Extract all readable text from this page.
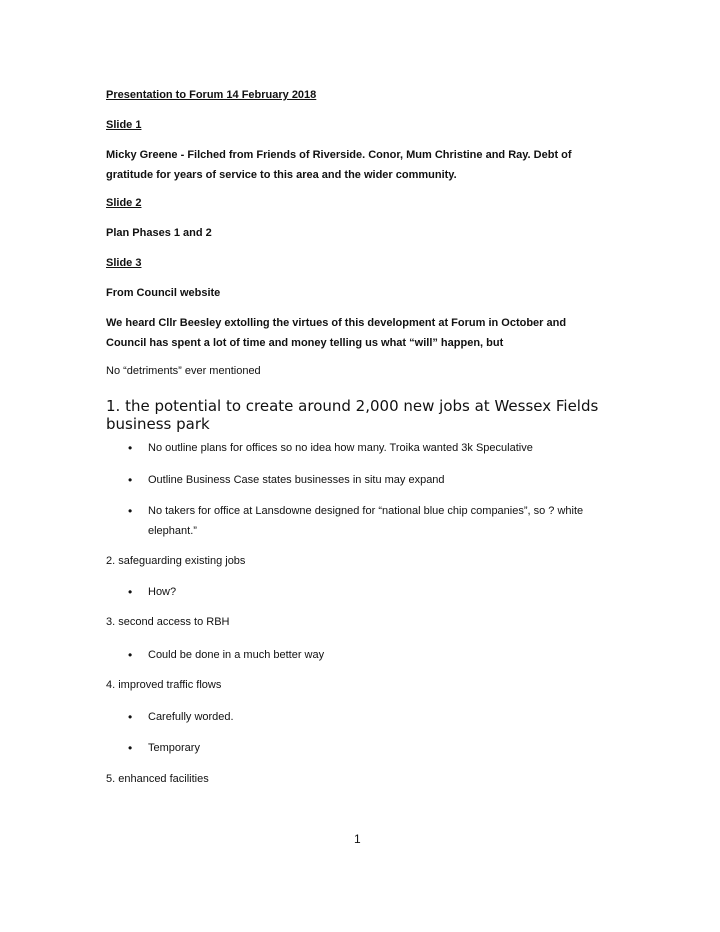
Presentation to Forum 14 February 2018
Slide 1
Micky Greene - Filched from Friends of Riverside. Conor, Mum Christine and Ray. Debt of gratitude for years of service to this area and the wider community.
Slide 2
Plan Phases 1 and 2
Slide 3
From Council website
We heard Cllr Beesley extolling the virtues of this development at Forum in October and Council has spent a lot of time and money telling us what “will” happen, but
No “detriments” ever mentioned
1. the potential to create around 2,000 new jobs at Wessex Fields business park
• No outline plans for offices so no idea how many. Troika wanted 3k Speculative
• Outline Business Case states businesses in situ may expand
• No takers for office at Lansdowne designed for “national blue chip companies”, so ? white elephant.”
2. safeguarding existing jobs
• How?
3. second access to RBH
• Could be done in a much better way
4. improved traffic flows
• Carefully worded.
• Temporary
5. enhanced facilities
1
